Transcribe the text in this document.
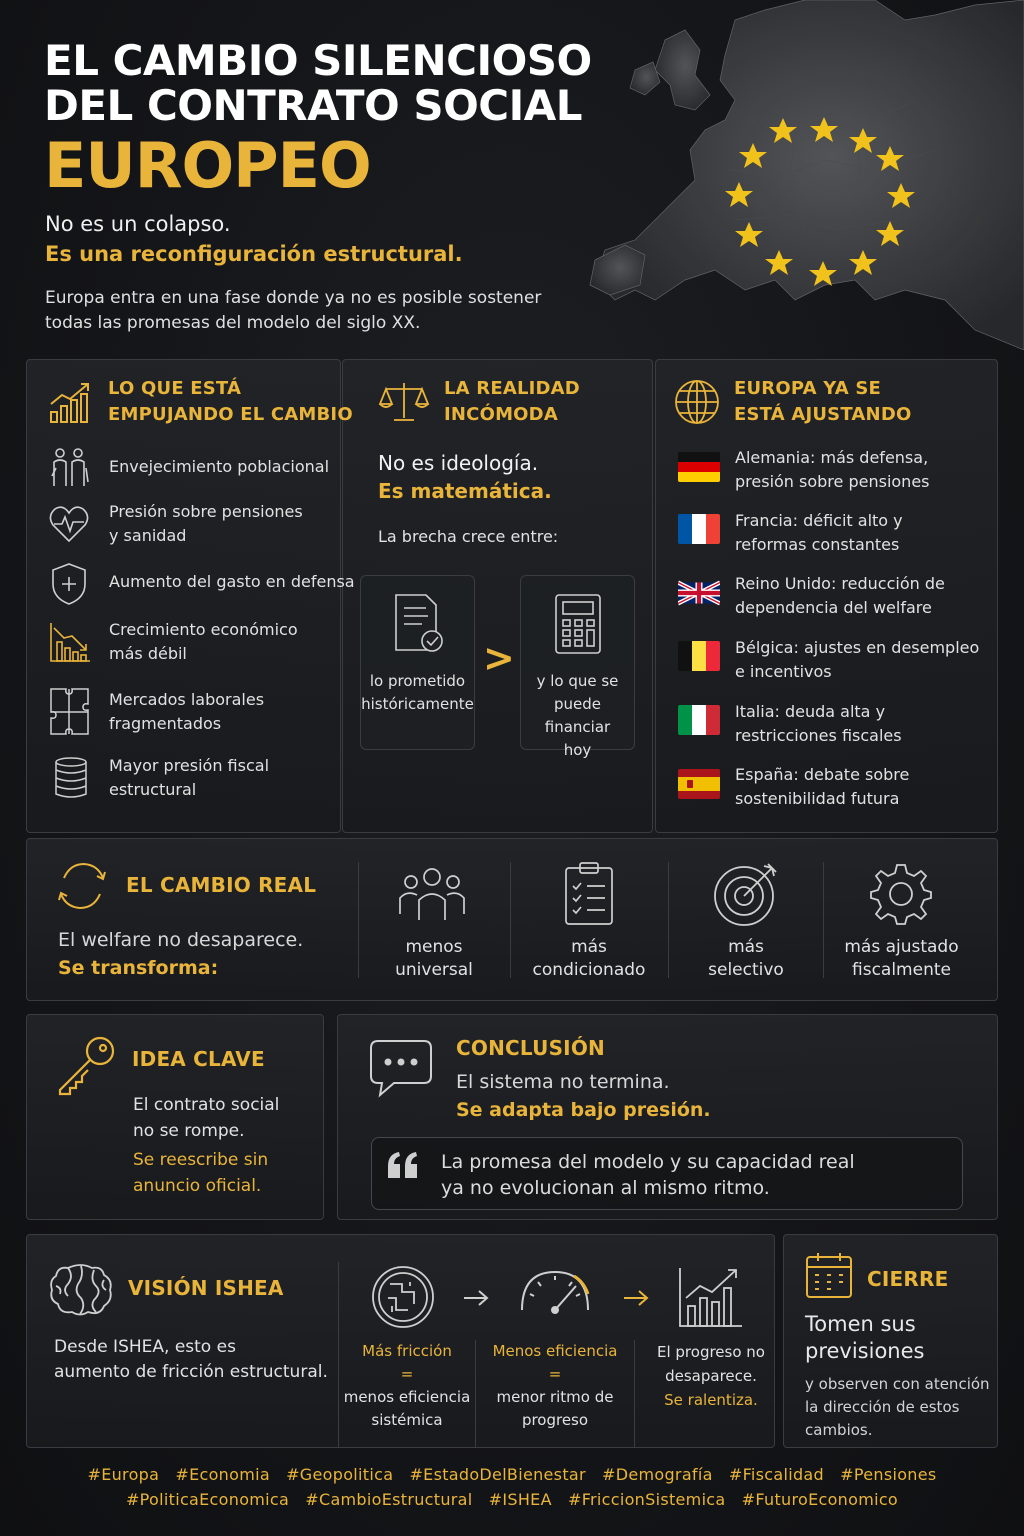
EL CAMBIO SILENCIOSO
DEL CONTRATO SOCIAL
EUROPEO
No es un colapso.
Es una reconfiguración estructural.
Europa entra en una fase donde ya no es posible sostener todas las promesas del modelo del siglo XX.
LO QUE ESTÁ
EMPUJANDO EL CAMBIO
Envejecimiento poblacional
Presión sobre pensiones
y sanidad
Aumento del gasto en defensa
Crecimiento económico
más débil
Mercados laborales
fragmentados
Mayor presión fiscal
estructural
LA REALIDAD
INCÓMODA
No es ideología.
Es matemática.
La brecha crece entre:
lo prometido
históricamente
>
y lo que se
puede financiar
hoy
EUROPA YA SE
ESTÁ AJUSTANDO
Alemania: más defensa,
presión sobre pensiones
Francia: déficit alto y
reformas constantes
Reino Unido: reducción de
dependencia del welfare
Bélgica: ajustes en desempleo
e incentivos
Italia: deuda alta y
restricciones fiscales
España: debate sobre
sostenibilidad futura
EL CAMBIO REAL
El welfare no desaparece.
Se transforma:
menos
universal
más
condicionado
más
selectivo
más ajustado
fiscalmente
IDEA CLAVE
El contrato social
no se rompe.
Se reescribe sin
anuncio oficial.
CONCLUSIÓN
El sistema no termina.
Se adapta bajo presión.
La promesa del modelo y su capacidad real
ya no evolucionan al mismo ritmo.
VISIÓN ISHEA
Desde ISHEA, esto es
aumento de fricción estructural.
Más fricción
=
menos eficiencia
sistémica
Menos eficiencia
=
menor ritmo de
progreso
El progreso no
desaparece.
Se ralentiza.
CIERRE
Tomen sus
previsiones
y observen con atención
la dirección de estos
cambios.
#Europa   #Economia   #Geopolitica   #EstadoDelBienestar   #Demografía   #Fiscalidad   #Pensiones
#PoliticaEconomica   #CambioEstructural   #ISHEA   #FriccionSistemica   #FuturoEconomico
